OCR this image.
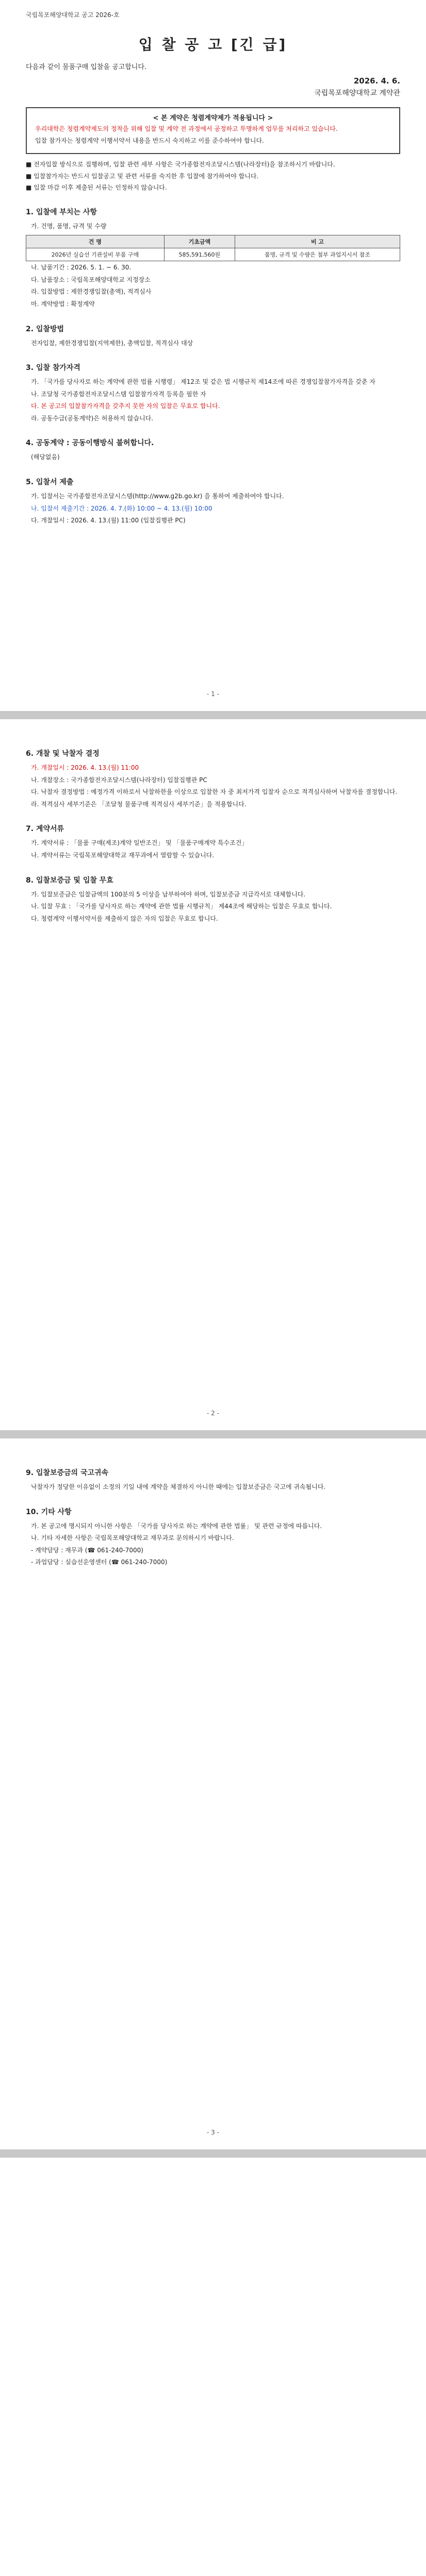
국립목포해양대학교 공고 2026-호
입 찰 공 고 [긴 급]
다음과 같이 물품구매 입찰을 공고합니다.
2026. 4. 6.
국립목포해양대학교 계약관
< 본 계약은 청렴계약제가 적용됩니다 >

우리대학은 청렴계약제도의 정착을 위해 입찰 및 계약 전 과정에서 공정하고 투명하게 업무를 처리하고 있습니다.

입찰 참가자는 청렴계약 이행서약서 내용을 반드시 숙지하고 이를 준수하여야 합니다.

■ 전자입찰 방식으로 집행하며, 입찰 관련 세부 사항은 국가종합전자조달시스템(나라장터)을 참조하시기 바랍니다.

■ 입찰참가자는 반드시 입찰공고 및 관련 서류를 숙지한 후 입찰에 참가하여야 합니다.

■ 입찰 마감 이후 제출된 서류는 인정하지 않습니다.

1. 입찰에 부치는 사항
가. 건명, 품명, 규격 및 수량
건 명	기초금액	비 고
2026년 실습선 기관설비 부품 구매	585,591,560원	품명, 규격 및 수량은 첨부 과업지시서 참조
나. 납품기간 : 2026. 5. 1. ~ 6. 30.
다. 납품장소 : 국립목포해양대학교 지정장소
라. 입찰방법 : 제한경쟁입찰(총액), 적격심사
마. 계약방법 : 확정계약
2. 입찰방법
전자입찰, 제한경쟁입찰(지역제한), 총액입찰, 적격심사 대상
3. 입찰 참가자격
가. 「국가를 당사자로 하는 계약에 관한 법률 시행령」 제12조 및 같은 법 시행규칙 제14조에 따른 경쟁입찰참가자격을 갖춘 자
나. 조달청 국가종합전자조달시스템 입찰참가자격 등록을 필한 자
다. 본 공고의 입찰참가자격을 갖추지 못한 자의 입찰은 무효로 합니다.
라. 공동수급(공동계약)은 허용하지 않습니다.
4. 공동계약 : 공동이행방식 불허합니다.
(해당없음)
5. 입찰서 제출
가. 입찰서는 국가종합전자조달시스템(http://www.g2b.go.kr) 을 통하여 제출하여야 합니다.
나. 입찰서 제출기간 : 2026. 4. 7.(화) 10:00 ~ 4. 13.(월) 10:00
다. 개찰일시 : 2026. 4. 13.(월) 11:00 (입찰집행관 PC)
- 1 -
6. 개찰 및 낙찰자 결정
가. 개찰일시 : 2026. 4. 13.(월) 11:00
나. 개찰장소 : 국가종합전자조달시스템(나라장터) 입찰집행관 PC
다. 낙찰자 결정방법 : 예정가격 이하로서 낙찰하한율 이상으로 입찰한 자 중 최저가격 입찰자 순으로 적격심사하여 낙찰자를 결정합니다.
라. 적격심사 세부기준은 「조달청 물품구매 적격심사 세부기준」을 적용합니다.
7. 계약서류
가. 계약서류 : 「물품 구매(제조)계약 일반조건」 및 「물품구매계약 특수조건」
나. 계약서류는 국립목포해양대학교 재무과에서 열람할 수 있습니다.
8. 입찰보증금 및 입찰 무효
가. 입찰보증금은 입찰금액의 100분의 5 이상을 납부하여야 하며, 입찰보증금 지급각서로 대체합니다.
나. 입찰 무효 : 「국가를 당사자로 하는 계약에 관한 법률 시행규칙」 제44조에 해당하는 입찰은 무효로 합니다.
다. 청렴계약 이행서약서를 제출하지 않은 자의 입찰은 무효로 합니다.
- 2 -
9. 입찰보증금의 국고귀속
낙찰자가 정당한 이유없이 소정의 기일 내에 계약을 체결하지 아니한 때에는 입찰보증금은 국고에 귀속됩니다.
10. 기타 사항
가. 본 공고에 명시되지 아니한 사항은 「국가를 당사자로 하는 계약에 관한 법률」 및 관련 규정에 따릅니다.
나. 기타 자세한 사항은 국립목포해양대학교 재무과로 문의하시기 바랍니다.
- 계약담당 : 재무과 (☎ 061-240-7000)
- 과업담당 : 실습선운영센터 (☎ 061-240-7000)
- 3 -
